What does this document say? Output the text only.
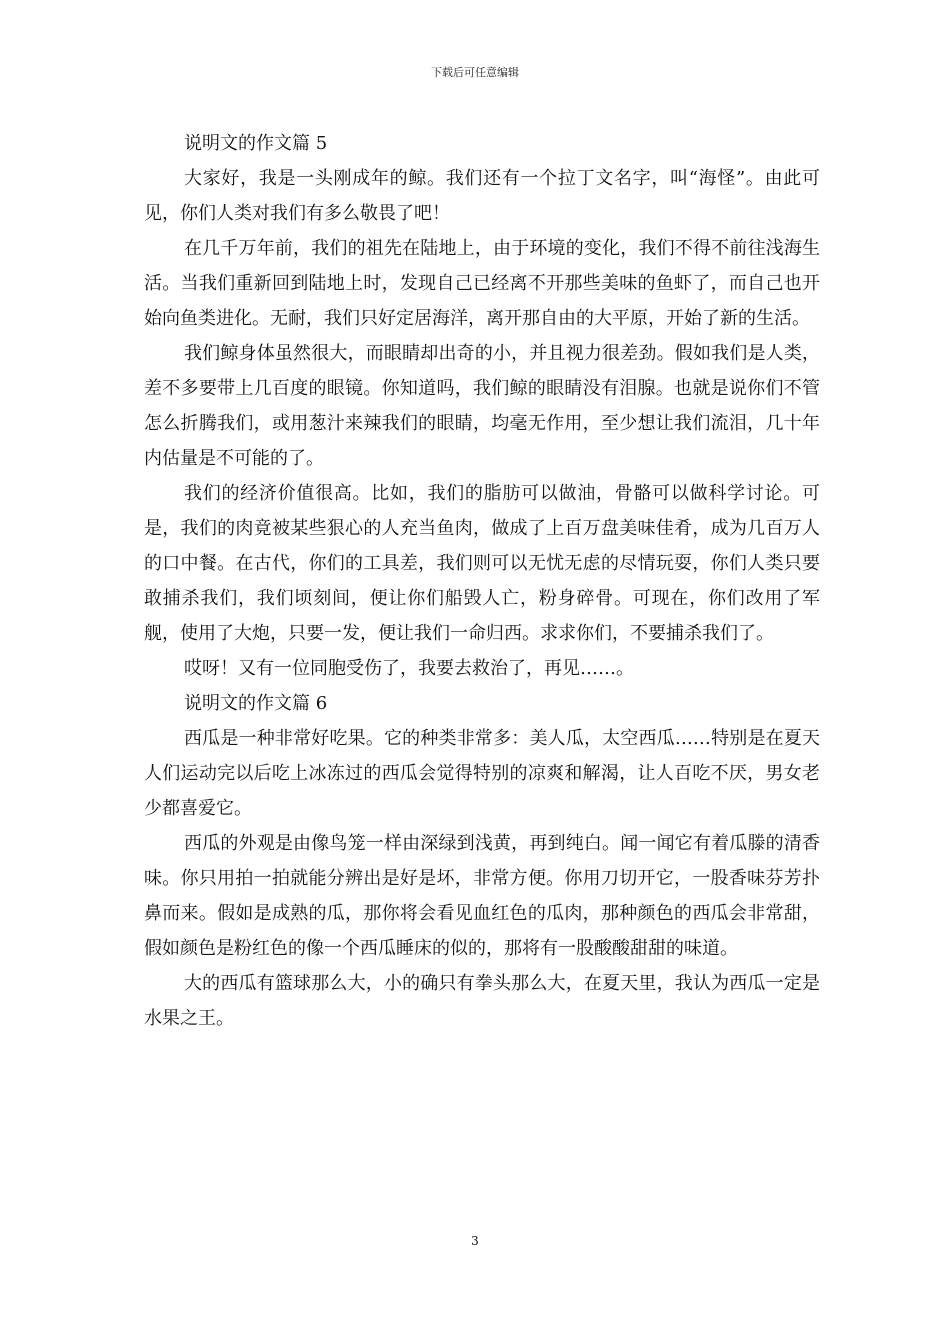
下载后可任意编辑

说明文的作文篇 5

大家好，我是一头刚成年的鲸。我们还有一个拉丁文名字，叫“海怪”。由此可见，你们人类对我们有多么敬畏了吧！

在几千万年前，我们的祖先在陆地上，由于环境的变化，我们不得不前往浅海生活。当我们重新回到陆地上时，发现自己已经离不开那些美味的鱼虾了，而自己也开始向鱼类进化。无耐，我们只好定居海洋，离开那自由的大平原，开始了新的生活。

我们鲸身体虽然很大，而眼睛却出奇的小，并且视力很差劲。假如我们是人类，差不多要带上几百度的眼镜。你知道吗，我们鲸的眼睛没有泪腺。也就是说你们不管怎么折腾我们，或用葱汁来辣我们的眼睛，均毫无作用，至少想让我们流泪，几十年内估量是不可能的了。

我们的经济价值很高。比如，我们的脂肪可以做油，骨骼可以做科学讨论。可是，我们的肉竟被某些狠心的人充当鱼肉，做成了上百万盘美味佳肴，成为几百万人的口中餐。在古代，你们的工具差，我们则可以无忧无虑的尽情玩耍，你们人类只要敢捕杀我们，我们顷刻间，便让你们船毁人亡，粉身碎骨。可现在，你们改用了军舰，使用了大炮，只要一发，便让我们一命归西。求求你们，不要捕杀我们了。

哎呀！又有一位同胞受伤了，我要去救治了，再见……。

说明文的作文篇 6

西瓜是一种非常好吃果。它的种类非常多：美人瓜，太空西瓜……特别是在夏天人们运动完以后吃上冰冻过的西瓜会觉得特别的凉爽和解渴，让人百吃不厌，男女老少都喜爱它。

西瓜的外观是由像鸟笼一样由深绿到浅黄，再到纯白。闻一闻它有着瓜滕的清香味。你只用拍一拍就能分辨出是好是坏，非常方便。你用刀切开它，一股香味芬芳扑鼻而来。假如是成熟的瓜，那你将会看见血红色的瓜肉，那种颜色的西瓜会非常甜，假如颜色是粉红色的像一个西瓜睡床的似的，那将有一股酸酸甜甜的味道。

大的西瓜有篮球那么大，小的确只有拳头那么大，在夏天里，我认为西瓜一定是水果之王。

3
